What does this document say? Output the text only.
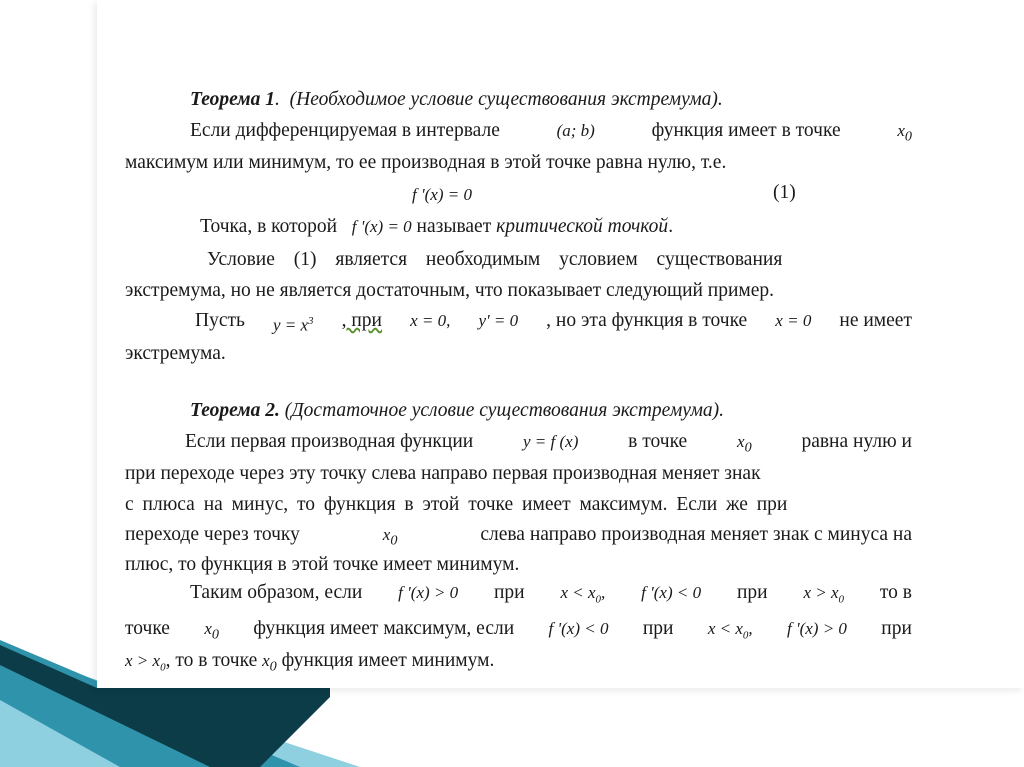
Теорема 1. (Необходимое условие существования экстремума).
Если дифференцируемая в интервале	(a; b)	функция имеет в точке	$x_0$
максимум или минимум, то ее производная в этой точке равна нулю, т.е.
f '(x) = 0	(1)
Точка, в которой f '(x) = 0 называет критической точкой.
Условие (1) является необходимым условием существования
экстремума, но не является достаточным, что показывает следующий пример.
Пусть $y = x^3$ , при x = 0, y' = 0 , но эта функция в точке x = 0 не имеет
экстремума.
Теорема 2. (Достаточное условие существования экстремума).
Если первая производная функции	y = f (x)	в точке	$x_0$	равна нулю и
при переходе через эту точку слева направо первая производная меняет знак
с плюса на минус, то функция в этой точке имеет максимум. Если же при
переходе через точку	$x_0$	слева направо производная меняет знак с минуса на
плюс, то функция в этой точке имеет минимум.
Таким образом, если f '(x) > 0 при $x < x_0$, f '(x) < 0 при $x > x_0$ то в
точке $x_0$ функция имеет максимум, если f '(x) < 0 при $x < x_0$, f '(x) > 0 при
$x > x_0$, то в точке $x_0$ функция имеет минимум.
